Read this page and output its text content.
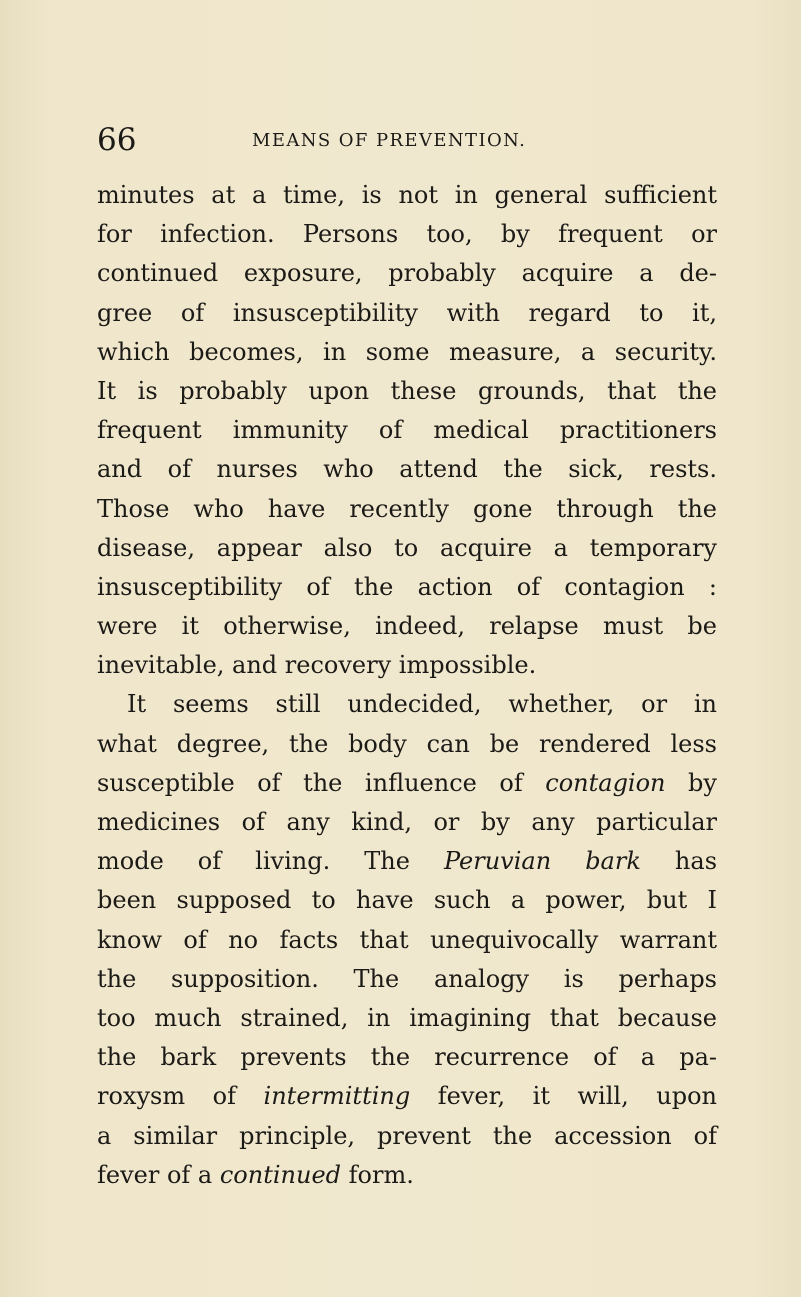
66	MEANS OF PREVENTION.
minutes at a time, is not in general sufficient
for infection. Persons too, by frequent or
continued exposure, probably acquire a de-
gree of insusceptibility with regard to it,
which becomes, in some measure, a security.
It is probably upon these grounds, that the
frequent immunity of medical practitioners
and of nurses who attend the sick, rests.
Those who have recently gone through the
disease, appear also to acquire a temporary
insusceptibility of the action of contagion :
were it otherwise, indeed, relapse must be
inevitable, and recovery impossible.
It seems still undecided, whether, or in
what degree, the body can be rendered less
susceptible of the influence of contagion by
medicines of any kind, or by any particular
mode of living. The Peruvian bark has
been supposed to have such a power, but I
know of no facts that unequivocally warrant
the supposition. The analogy is perhaps
too much strained, in imagining that because
the bark prevents the recurrence of a pa-
roxysm of intermitting fever, it will, upon
a similar principle, prevent the accession of
fever of a continued form.
